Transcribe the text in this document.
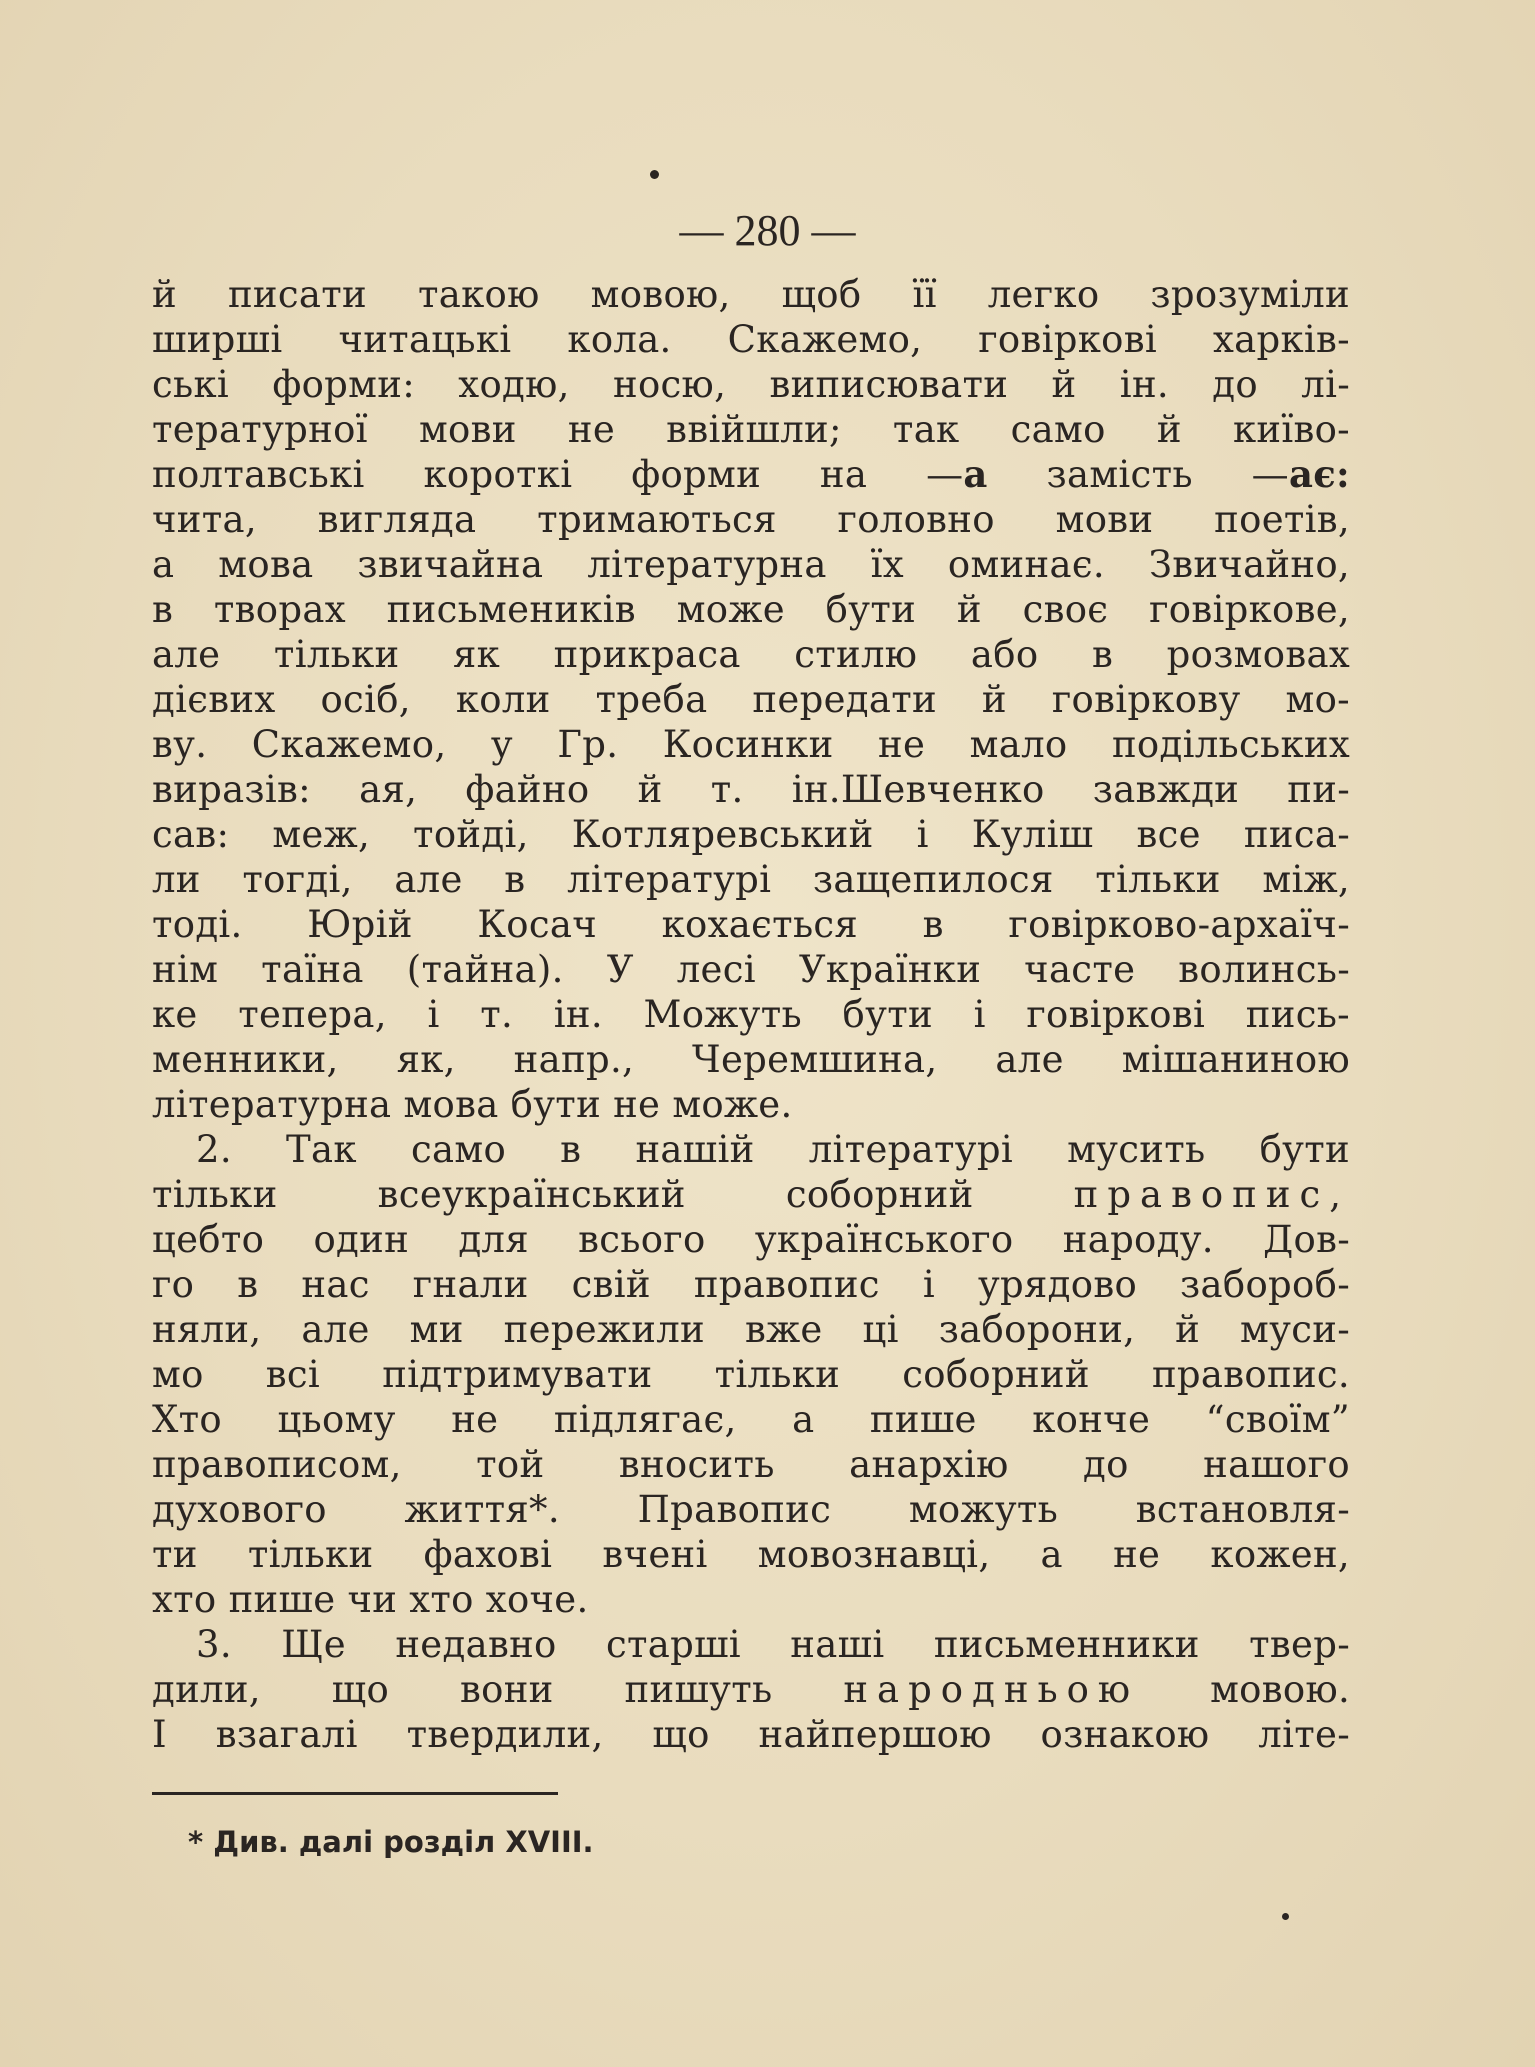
— 280 —
й писати такою мовою, щоб її легко зрозуміли
ширші читацькі кола. Скажемо, говіркові харків-
ські форми: ходю, носю, виписювати й ін. до лі-
тературної мови не ввійшли; так само й київо-
полтавські короткі форми на —а замість —ає:
чита, вигляда тримаються головно мови поетів,
а мова звичайна літературна їх оминає. Звичайно,
в творах письмеників може бути й своє говіркове,
але тільки як прикраса стилю або в розмовах
дієвих осіб, коли треба передати й говіркову мо-
ву. Скажемо, у Гр. Косинки не мало подільських
виразів: ая, файно й т. ін.Шевченко завжди пи-
сав: меж, тойді, Котляревський і Куліш все писа-
ли тогді, але в літературі защепилося тільки між,
тоді. Юрій Косач кохається в говірково-архаїч-
нім таїна (тайна). У лесі Українки часте волинсь-
ке тепера, і т. ін. Можуть бути і говіркові пись-
менники, як, напр., Черемшина, але мішаниною
літературна мова бути не може.
2. Так само в нашій літературі мусить бути
тільки всеукраїнський соборний	правопис,
цебто один для всього українського народу. Дов-
го в нас гнали свій правопис і урядово забороб-
няли, але ми пережили вже ці заборони, й муси-
мо всі підтримувати тільки соборний правопис.
Хто цьому не підлягає, а пише конче “своїм”
правописом, той вносить анархію до нашого
духового життя*. Правопис можуть встановля-
ти тільки фахові вчені мовознавці, а не кожен,
хто пише чи хто хоче.
3. Ще недавно старші наші письменники твер-
дили, що вони пишуть народньою мовою.
І взагалі твердили, що найпершою ознакою літе-
* Див. далі розділ XVIII.
